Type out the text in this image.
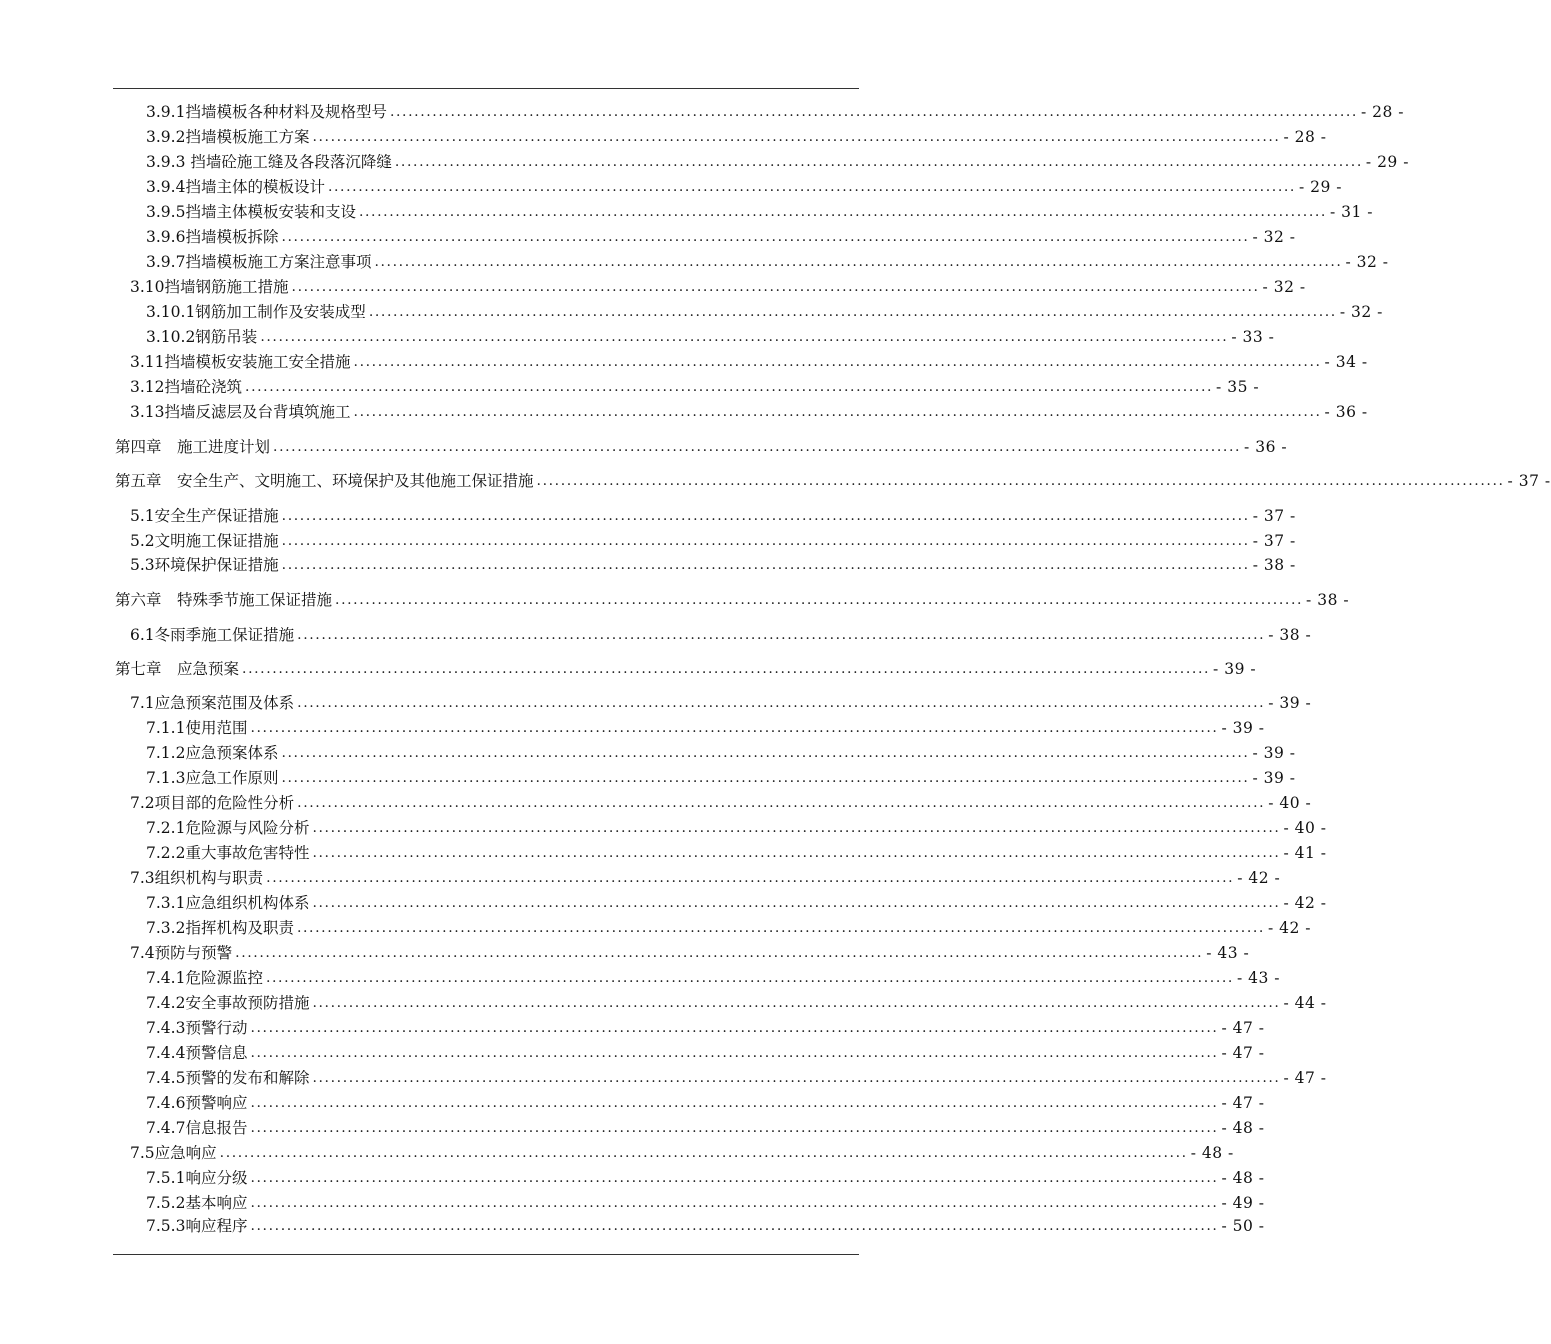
3.9.1挡墙模板各种材料及规格型号 ................................................................................................................................................................ - 28 -
3.9.2挡墙模板施工方案 ................................................................................................................................................................ - 28 -
3.9.3 挡墙砼施工缝及各段落沉降缝 ................................................................................................................................................................ - 29 -
3.9.4挡墙主体的模板设计 ................................................................................................................................................................ - 29 -
3.9.5挡墙主体模板安装和支设 ................................................................................................................................................................ - 31 -
3.9.6挡墙模板拆除 ................................................................................................................................................................ - 32 -
3.9.7挡墙模板施工方案注意事项 ................................................................................................................................................................ - 32 -
3.10挡墙钢筋施工措施 ................................................................................................................................................................ - 32 -
3.10.1钢筋加工制作及安装成型 ................................................................................................................................................................ - 32 -
3.10.2钢筋吊装 ................................................................................................................................................................ - 33 -
3.11挡墙模板安装施工安全措施 ................................................................................................................................................................ - 34 -
3.12挡墙砼浇筑 ................................................................................................................................................................ - 35 -
3.13挡墙反滤层及台背填筑施工 ................................................................................................................................................................ - 36 -
第四章　施工进度计划 ................................................................................................................................................................ - 36 -
第五章　安全生产、文明施工、环境保护及其他施工保证措施 ................................................................................................................................................................ - 37 -
5.1安全生产保证措施 ................................................................................................................................................................ - 37 -
5.2文明施工保证措施 ................................................................................................................................................................ - 37 -
5.3环境保护保证措施 ................................................................................................................................................................ - 38 -
第六章　特殊季节施工保证措施 ................................................................................................................................................................ - 38 -
6.1冬雨季施工保证措施 ................................................................................................................................................................ - 38 -
第七章　应急预案 ................................................................................................................................................................ - 39 -
7.1应急预案范围及体系 ................................................................................................................................................................ - 39 -
7.1.1使用范围 ................................................................................................................................................................ - 39 -
7.1.2应急预案体系 ................................................................................................................................................................ - 39 -
7.1.3应急工作原则 ................................................................................................................................................................ - 39 -
7.2项目部的危险性分析 ................................................................................................................................................................ - 40 -
7.2.1危险源与风险分析 ................................................................................................................................................................ - 40 -
7.2.2重大事故危害特性 ................................................................................................................................................................ - 41 -
7.3组织机构与职责 ................................................................................................................................................................ - 42 -
7.3.1应急组织机构体系 ................................................................................................................................................................ - 42 -
7.3.2指挥机构及职责 ................................................................................................................................................................ - 42 -
7.4预防与预警 ................................................................................................................................................................ - 43 -
7.4.1危险源监控 ................................................................................................................................................................ - 43 -
7.4.2安全事故预防措施 ................................................................................................................................................................ - 44 -
7.4.3预警行动 ................................................................................................................................................................ - 47 -
7.4.4预警信息 ................................................................................................................................................................ - 47 -
7.4.5预警的发布和解除 ................................................................................................................................................................ - 47 -
7.4.6预警响应 ................................................................................................................................................................ - 47 -
7.4.7信息报告 ................................................................................................................................................................ - 48 -
7.5应急响应 ................................................................................................................................................................ - 48 -
7.5.1响应分级 ................................................................................................................................................................ - 48 -
7.5.2基本响应 ................................................................................................................................................................ - 49 -
7.5.3响应程序 ................................................................................................................................................................ - 50 -
